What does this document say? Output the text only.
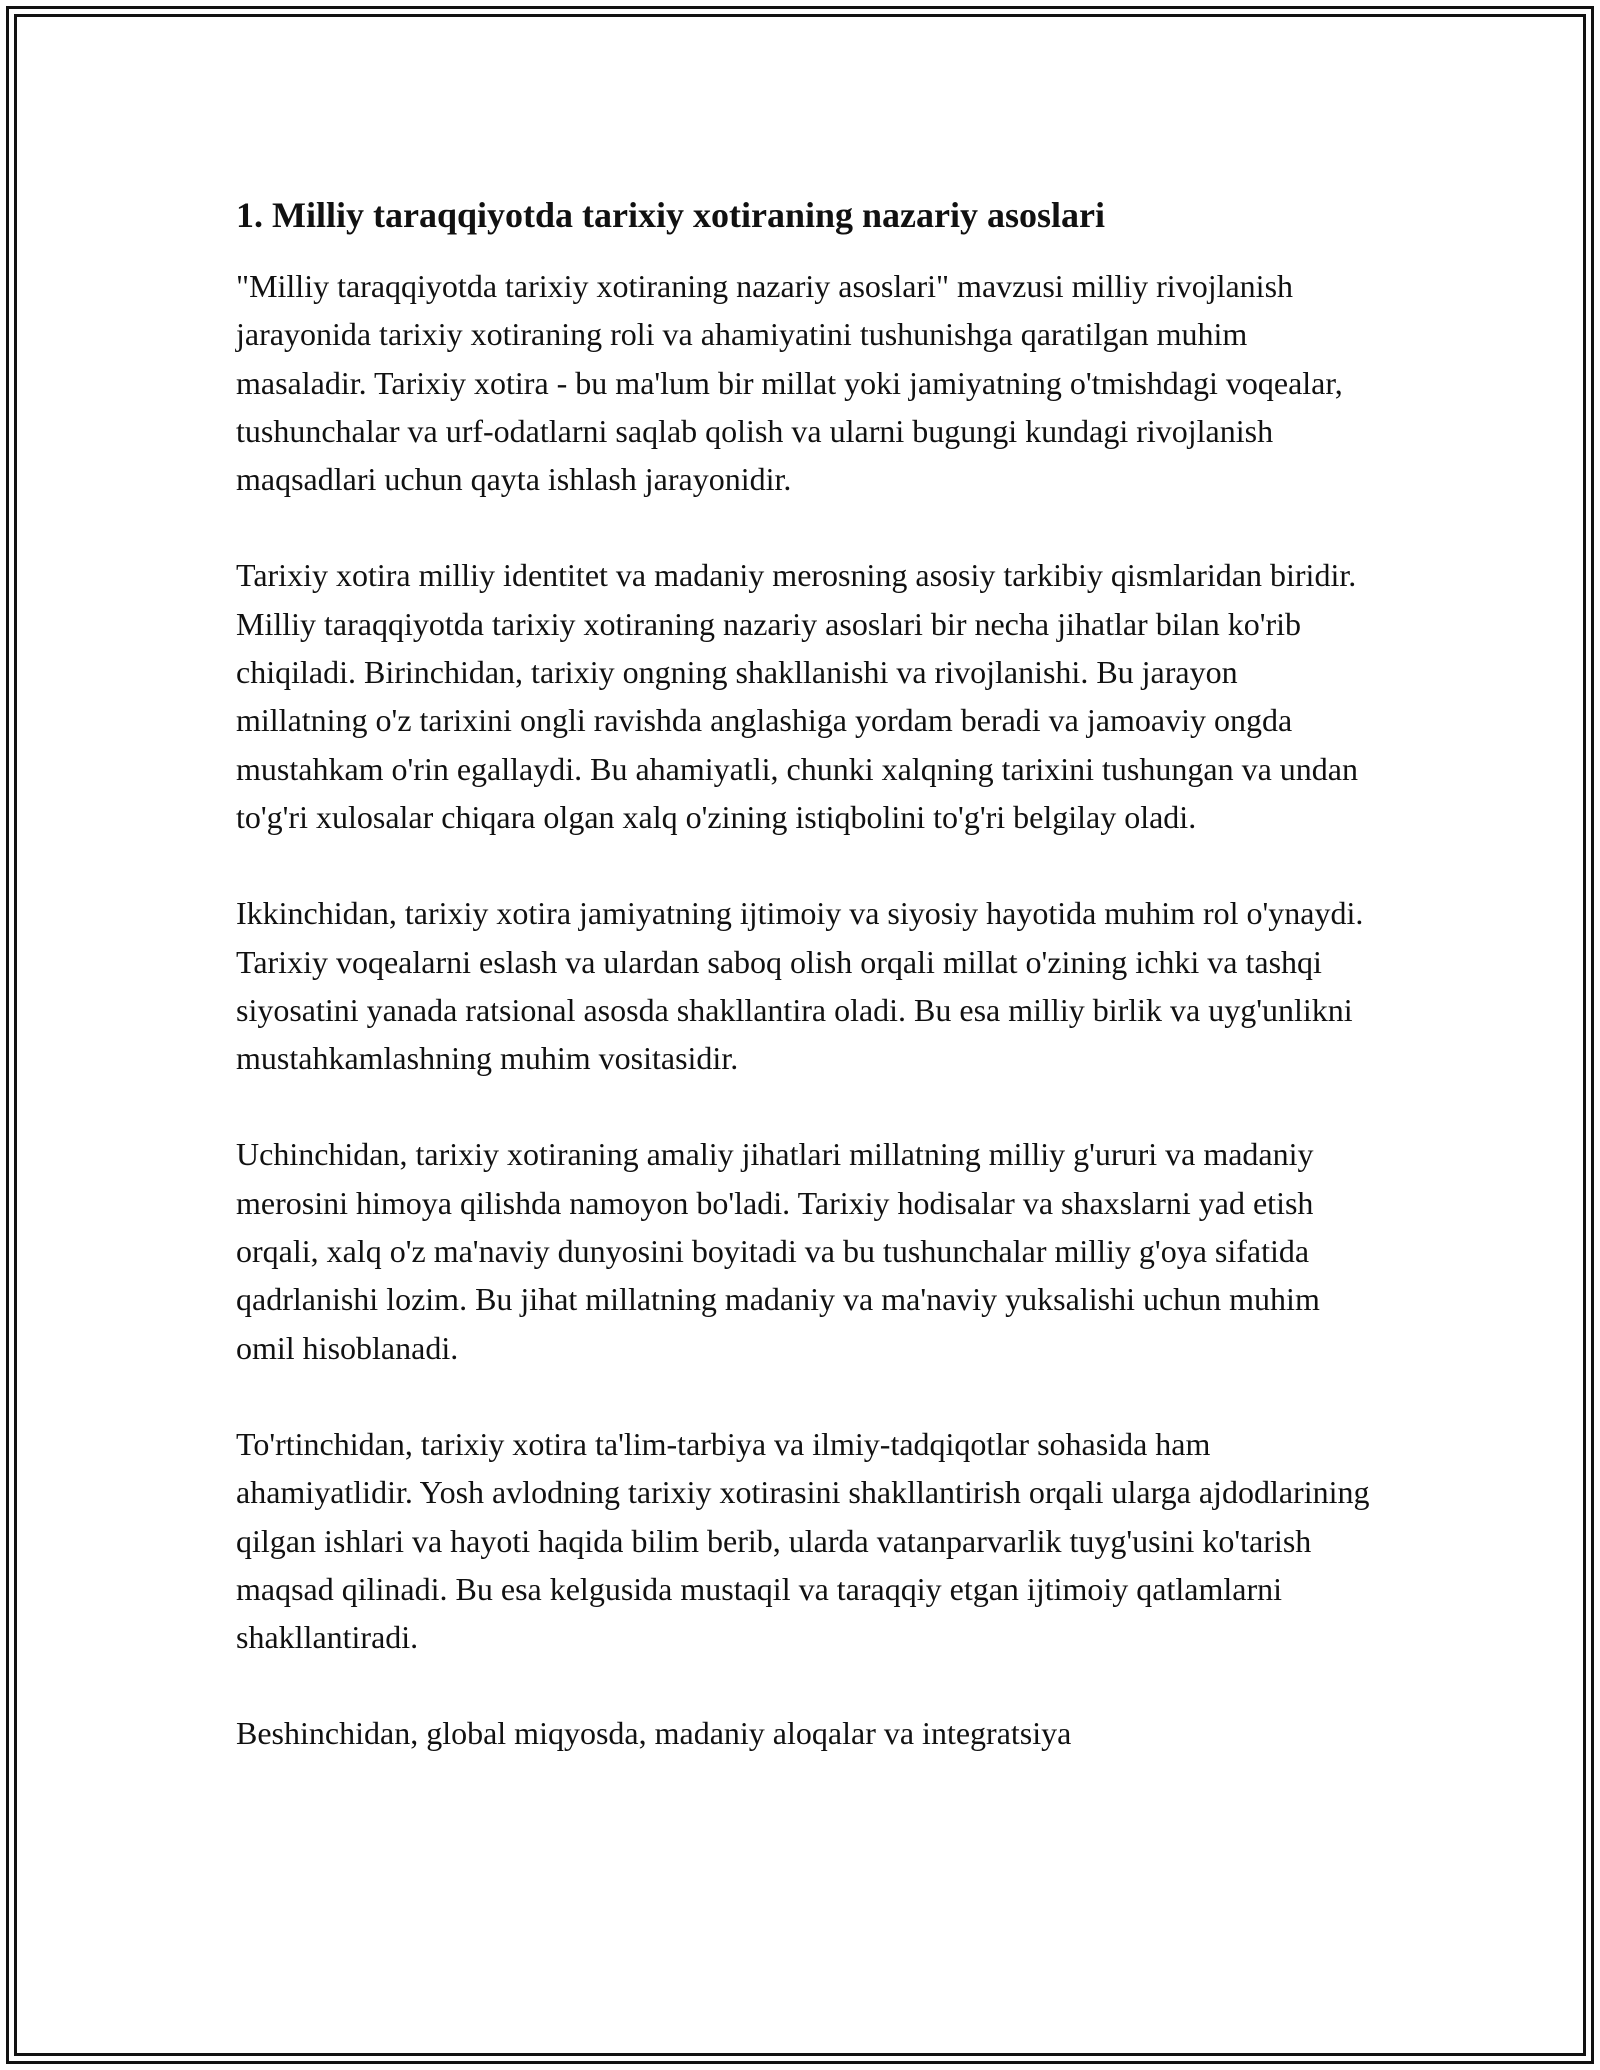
1. Milliy taraqqiyotda tarixiy xotiraning nazariy asoslari

"Milliy taraqqiyotda tarixiy xotiraning nazariy asoslari" mavzusi milliy rivojlanish jarayonida tarixiy xotiraning roli va ahamiyatini tushunishga qaratilgan muhim masaladir. Tarixiy xotira - bu ma'lum bir millat yoki jamiyatning o'tmishdagi voqealar, tushunchalar va urf-odatlarni saqlab qolish va ularni bugungi kundagi rivojlanish maqsadlari uchun qayta ishlash jarayonidir.

Tarixiy xotira milliy identitet va madaniy merosning asosiy tarkibiy qismlaridan biridir. Milliy taraqqiyotda tarixiy xotiraning nazariy asoslari bir necha jihatlar bilan ko'rib chiqiladi. Birinchidan, tarixiy ongning shakllanishi va rivojlanishi. Bu jarayon millatning o'z tarixini ongli ravishda anglashiga yordam beradi va jamoaviy ongda mustahkam o'rin egallaydi. Bu ahamiyatli, chunki xalqning tarixini tushungan va undan to'g'ri xulosalar chiqara olgan xalq o'zining istiqbolini to'g'ri belgilay oladi.

Ikkinchidan, tarixiy xotira jamiyatning ijtimoiy va siyosiy hayotida muhim rol o'ynaydi. Tarixiy voqealarni eslash va ulardan saboq olish orqali millat o'zining ichki va tashqi siyosatini yanada ratsional asosda shakllantira oladi. Bu esa milliy birlik va uyg'unlikni mustahkamlashning muhim vositasidir.

Uchinchidan, tarixiy xotiraning amaliy jihatlari millatning milliy g'ururi va madaniy merosini himoya qilishda namoyon bo'ladi. Tarixiy hodisalar va shaxslarni yad etish orqali, xalq o'z ma'naviy dunyosini boyitadi va bu tushunchalar milliy g'oya sifatida qadrlanishi lozim. Bu jihat millatning madaniy va ma'naviy yuksalishi uchun muhim omil hisoblanadi.

To'rtinchidan, tarixiy xotira ta'lim-tarbiya va ilmiy-tadqiqotlar sohasida ham ahamiyatlidir. Yosh avlodning tarixiy xotirasini shakllantirish orqali ularga ajdodlarining qilgan ishlari va hayoti haqida bilim berib, ularda vatanparvarlik tuyg'usini ko'tarish maqsad qilinadi. Bu esa kelgusida mustaqil va taraqqiy etgan ijtimoiy qatlamlarni shakllantiradi.

Beshinchidan, global miqyosda, madaniy aloqalar va integratsiya
